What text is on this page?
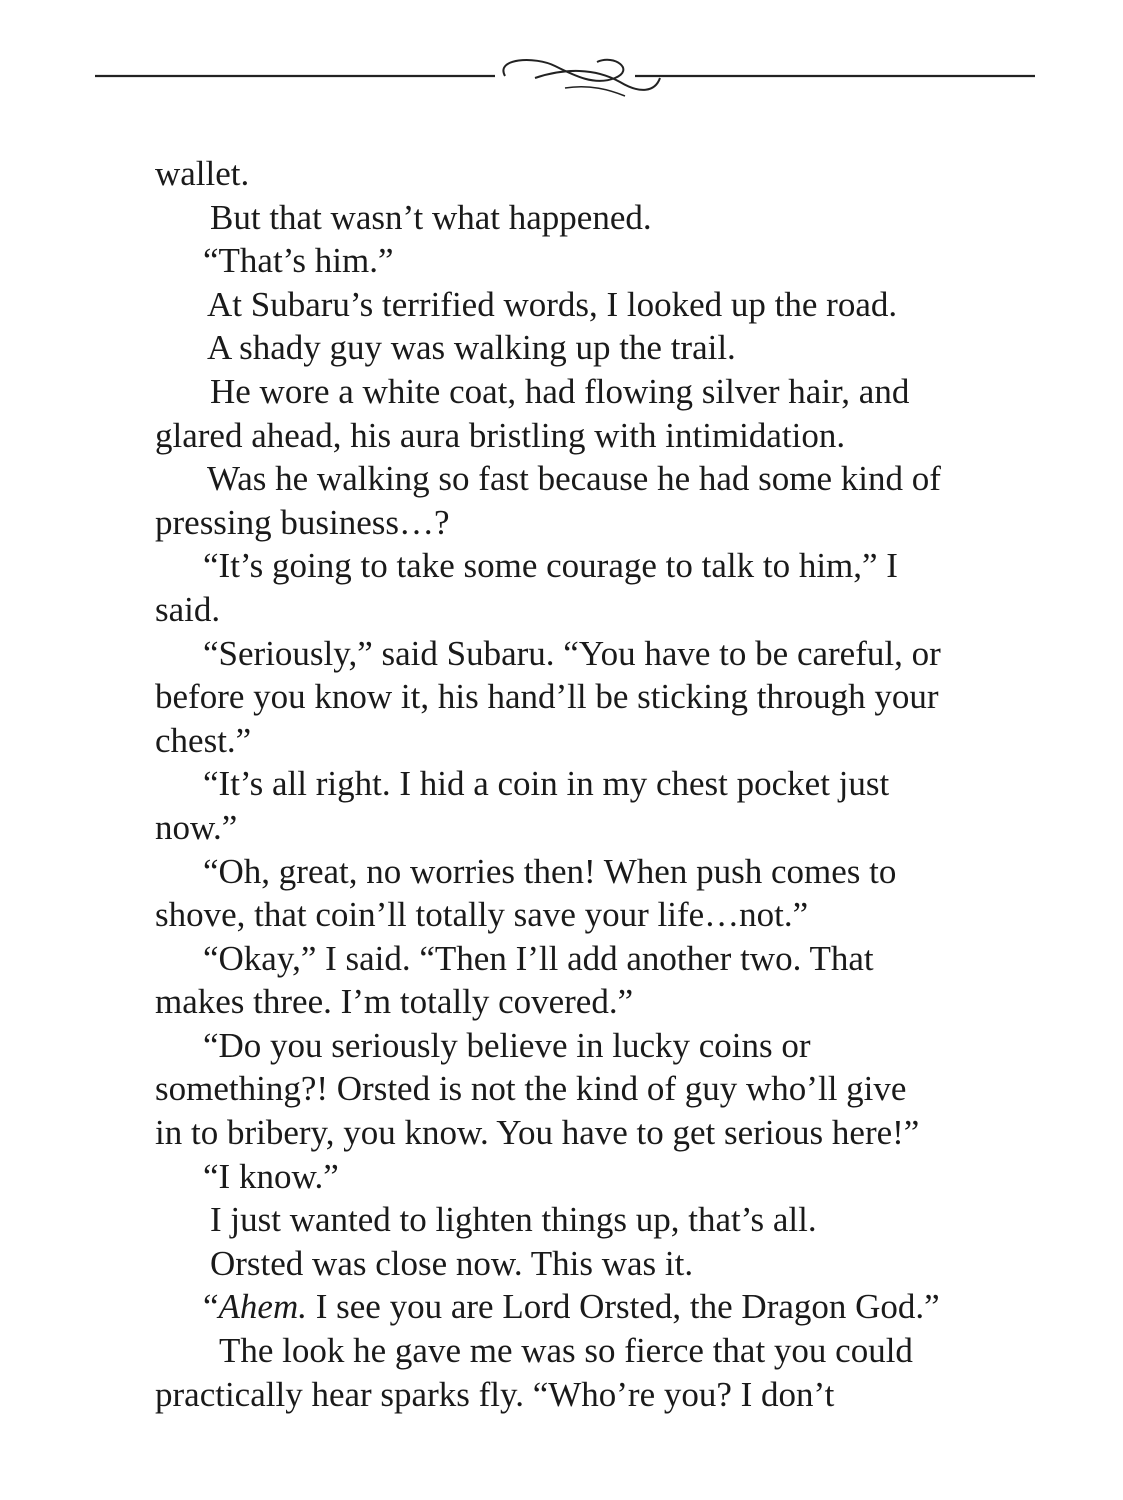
wallet.
But that wasn’t what happened.
“That’s him.”
At Subaru’s terrified words, I looked up the road.
A shady guy was walking up the trail.
He wore a white coat, had flowing silver hair, and
glared ahead, his aura bristling with intimidation.
Was he walking so fast because he had some kind of
pressing business…?
“It’s going to take some courage to talk to him,” I
said.
“Seriously,” said Subaru. “You have to be careful, or
before you know it, his hand’ll be sticking through your
chest.”
“It’s all right. I hid a coin in my chest pocket just
now.”
“Oh, great, no worries then! When push comes to
shove, that coin’ll totally save your life…not.”
“Okay,” I said. “Then I’ll add another two. That
makes three. I’m totally covered.”
“Do you seriously believe in lucky coins or
something?! Orsted is not the kind of guy who’ll give
in to bribery, you know. You have to get serious here!”
“I know.”
I just wanted to lighten things up, that’s all.
Orsted was close now. This was it.
“Ahem. I see you are Lord Orsted, the Dragon God.”
The look he gave me was so fierce that you could
practically hear sparks fly. “Who’re you? I don’t
